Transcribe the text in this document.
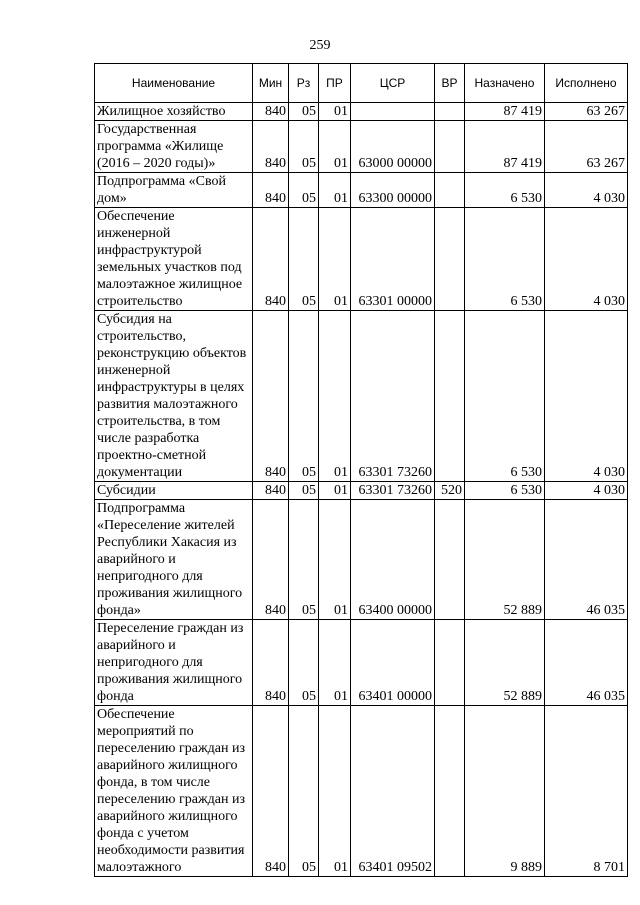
259
Наименование	Мин	Рз	ПР	ЦСР	ВР	Назначено	Исполнено
Жилищное хозяйство	840	05	01			87 419	63 267
Государственная программа «Жилище (2016 – 2020 годы)»	840	05	01	63000 00000		87 419	63 267
Подпрограмма «Свой дом»	840	05	01	63300 00000		6 530	4 030
Обеспечение инженерной инфраструктурой земельных участков под малоэтажное жилищное строительство	840	05	01	63301 00000		6 530	4 030
Субсидия на строительство, реконструкцию объектов инженерной инфраструктуры в целях развития малоэтажного строительства, в том числе разработка проектно-сметной документации	840	05	01	63301 73260		6 530	4 030
Субсидии	840	05	01	63301 73260	520	6 530	4 030
Подпрограмма «Переселение жителей Республики Хакасия из аварийного и непригодного для проживания жилищного фонда»	840	05	01	63400 00000		52 889	46 035
Переселение граждан из аварийного и непригодного для проживания жилищного фонда	840	05	01	63401 00000		52 889	46 035
Обеспечение мероприятий по переселению граждан из аварийного жилищного фонда, в том числе переселению граждан из аварийного жилищного фонда с учетом необходимости развития малоэтажного	840	05	01	63401 09502		9 889	8 701
